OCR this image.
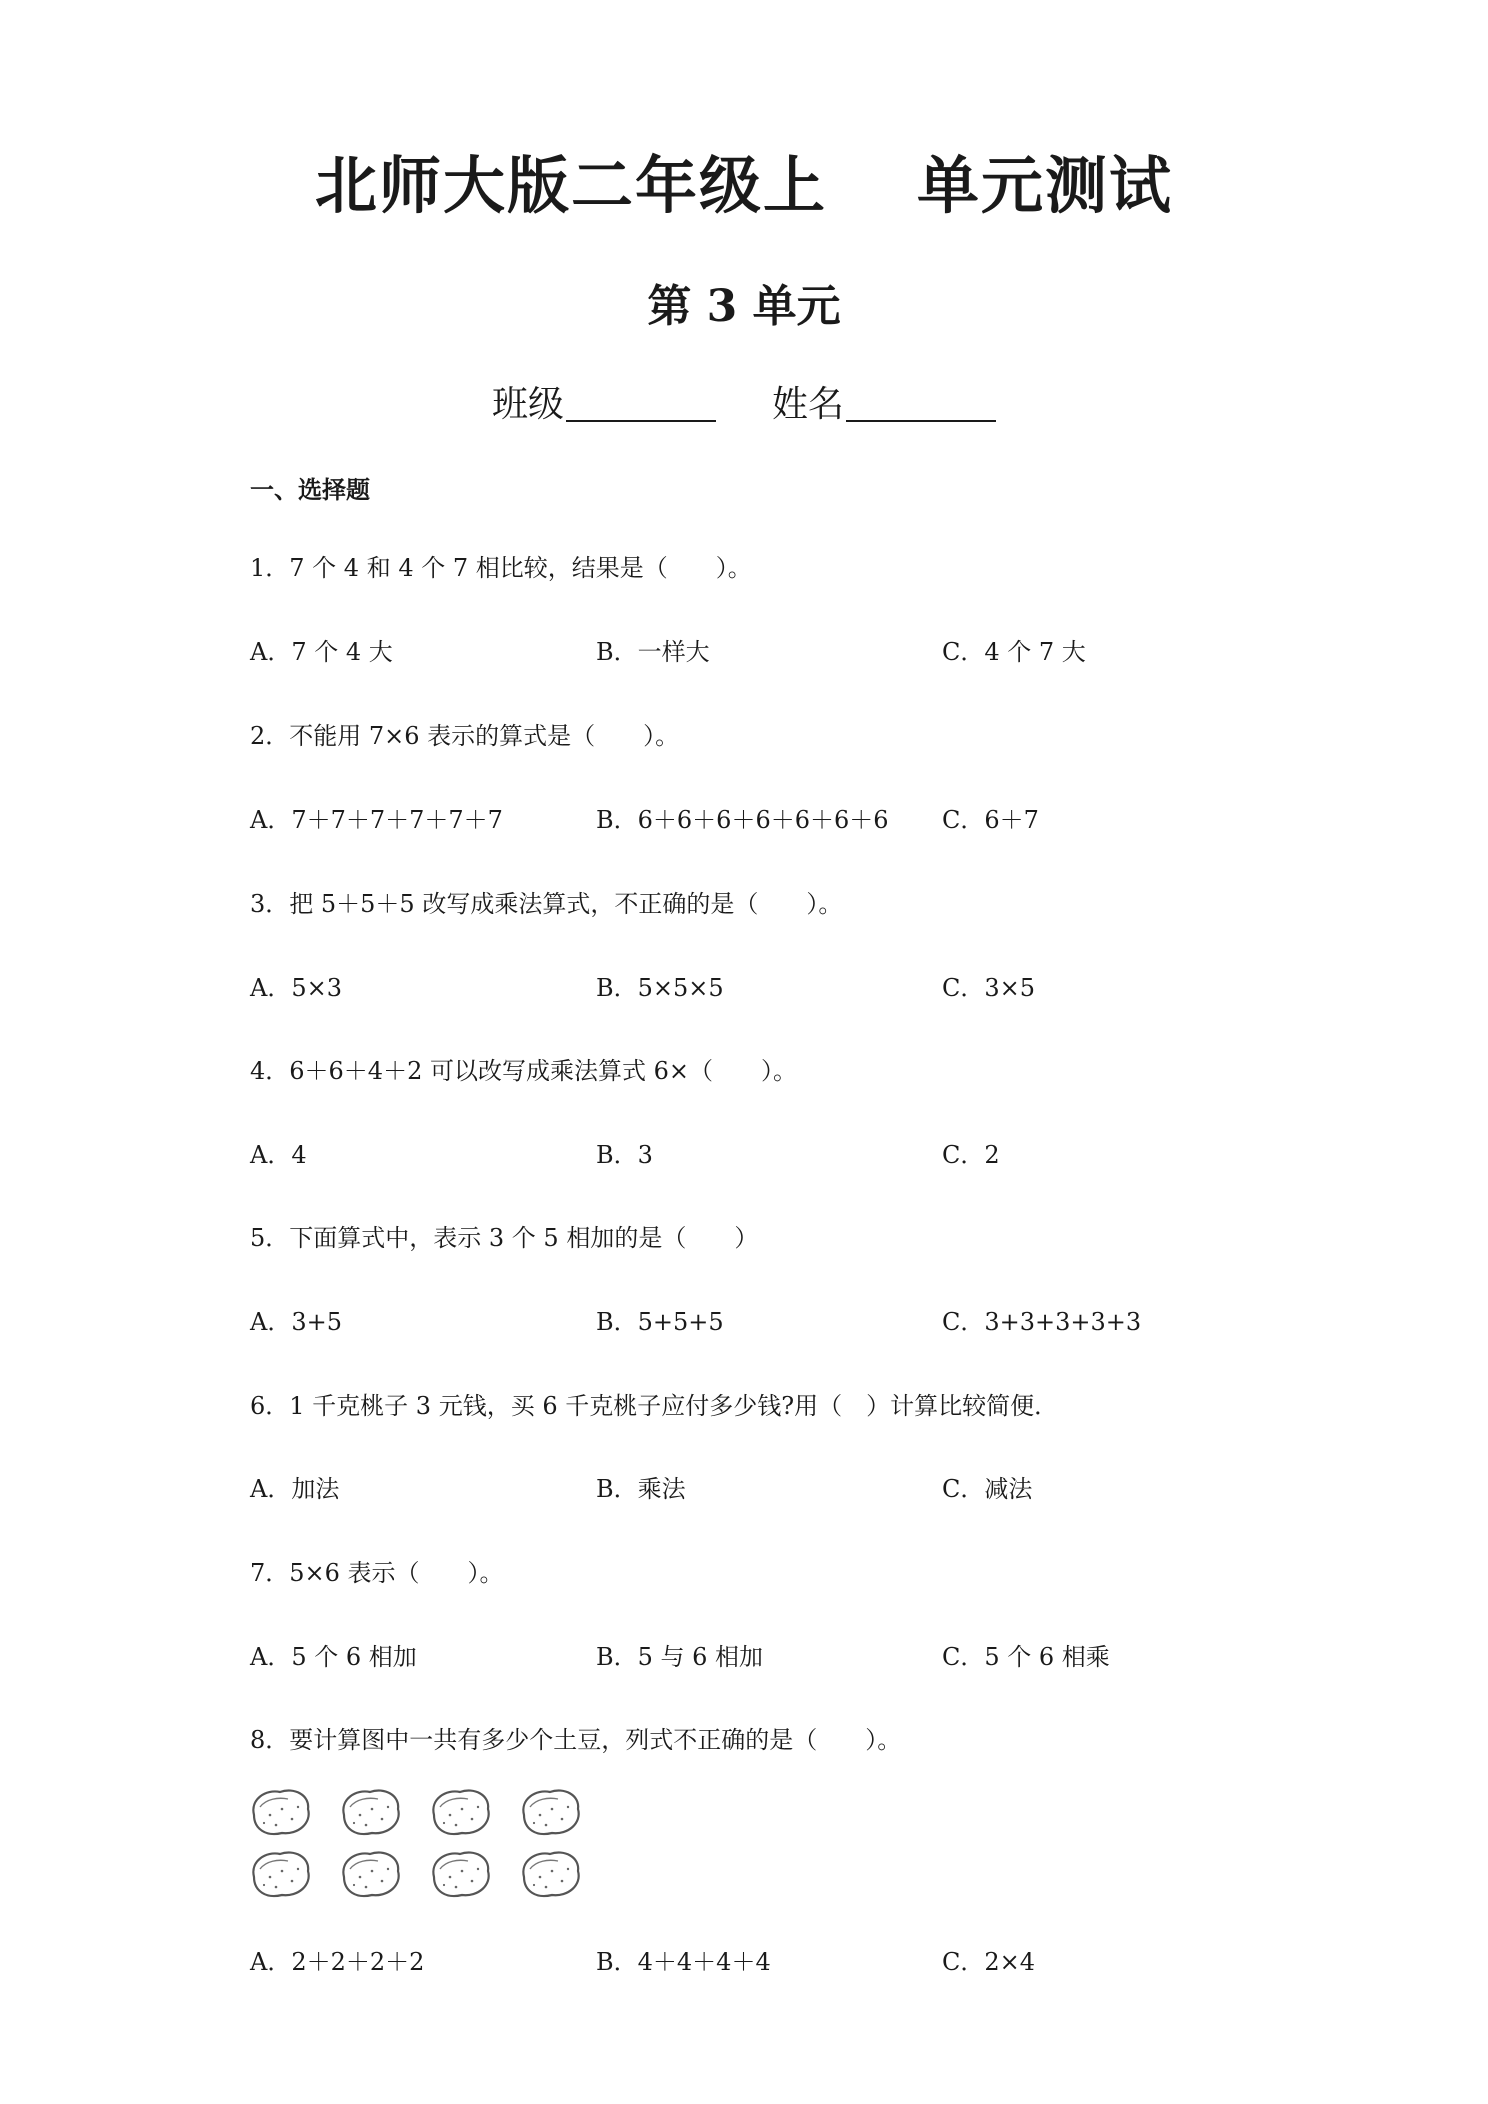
北师大版二年级上 单元测试
第 3 单元
班级	姓名
一、选择题
1．7 个 4 和 4 个 7 相比较，结果是（　　）。
A．7 个 4 大	B．一样大	C．4 个 7 大
2．不能用 7×6 表示的算式是（　　）。
A．7＋7＋7＋7＋7＋7	B．6＋6＋6＋6＋6＋6＋6 C．6＋7
3．把 5＋5＋5 改写成乘法算式，不正确的是（　　）。
A．5×3	B．5×5×5	C．3×5
4．6＋6＋4＋2 可以改写成乘法算式 6×（　　）。
A．4	B．3	C．2
5．下面算式中，表示 3 个 5 相加的是（　　）
A．3+5	B．5+5+5	C．3+3+3+3+3
6．1 千克桃子 3 元钱，买 6 千克桃子应付多少钱?用（　）计算比较简便．
A．加法	B．乘法	C．减法
7．5×6 表示（　　）。
A．5 个 6 相加	B．5 与 6 相加	C．5 个 6 相乘
8．要计算图中一共有多少个土豆，列式不正确的是（　　）。
A．2＋2＋2＋2	B．4＋4＋4＋4	C．2×4
